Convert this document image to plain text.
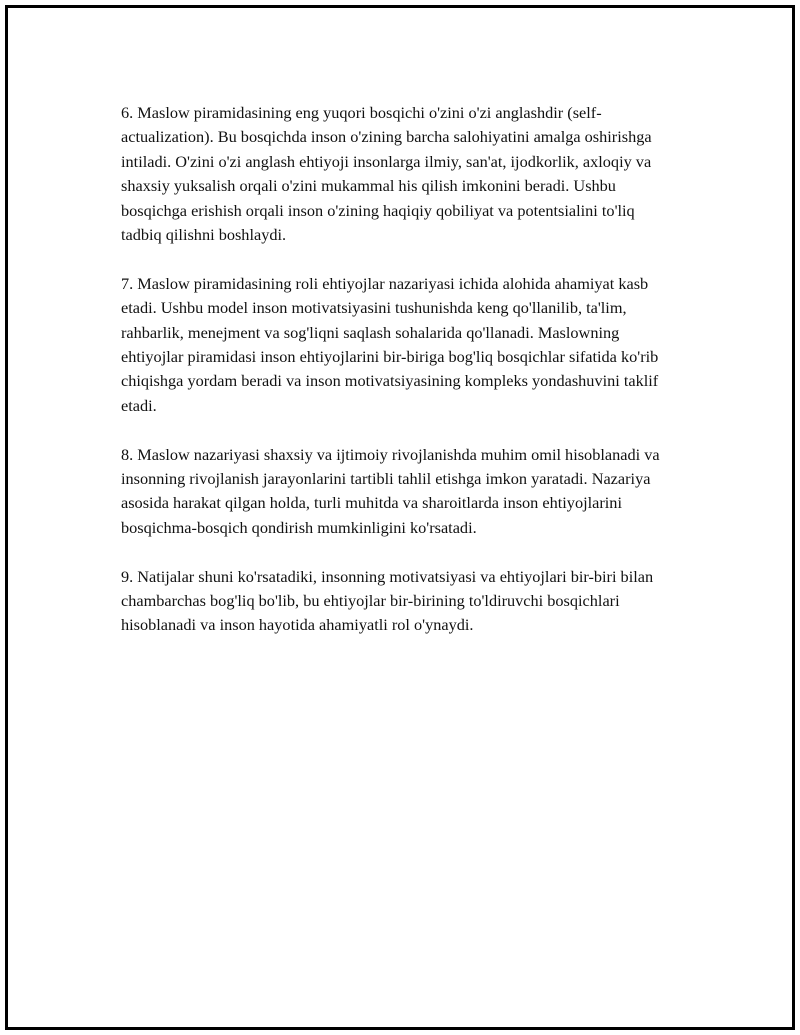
6. Maslow piramidasining eng yuqori bosqichi o'zini o'zi anglashdir (self-actualization). Bu bosqichda inson o'zining barcha salohiyatini amalga oshirishga intiladi. O'zini o'zi anglash ehtiyoji insonlarga ilmiy, san'at, ijodkorlik, axloqiy va shaxsiy yuksalish orqali o'zini mukammal his qilish imkonini beradi. Ushbu bosqichga erishish orqali inson o'zining haqiqiy qobiliyat va potentsialini to'liq tadbiq qilishni boshlaydi.

7. Maslow piramidasining roli ehtiyojlar nazariyasi ichida alohida ahamiyat kasb etadi. Ushbu model inson motivatsiyasini tushunishda keng qo'llanilib, ta'lim, rahbarlik, menejment va sog'liqni saqlash sohalarida qo'llanadi. Maslowning ehtiyojlar piramidasi inson ehtiyojlarini bir-biriga bog'liq bosqichlar sifatida ko'rib chiqishga yordam beradi va inson motivatsiyasining kompleks yondashuvini taklif etadi.

8. Maslow nazariyasi shaxsiy va ijtimoiy rivojlanishda muhim omil hisoblanadi va insonning rivojlanish jarayonlarini tartibli tahlil etishga imkon yaratadi. Nazariya asosida harakat qilgan holda, turli muhitda va sharoitlarda inson ehtiyojlarini bosqichma-bosqich qondirish mumkinligini ko'rsatadi.

9. Natijalar shuni ko'rsatadiki, insonning motivatsiyasi va ehtiyojlari bir-biri bilan chambarchas bog'liq bo'lib, bu ehtiyojlar bir-birining to'ldiruvchi bosqichlari hisoblanadi va inson hayotida ahamiyatli rol o'ynaydi.
